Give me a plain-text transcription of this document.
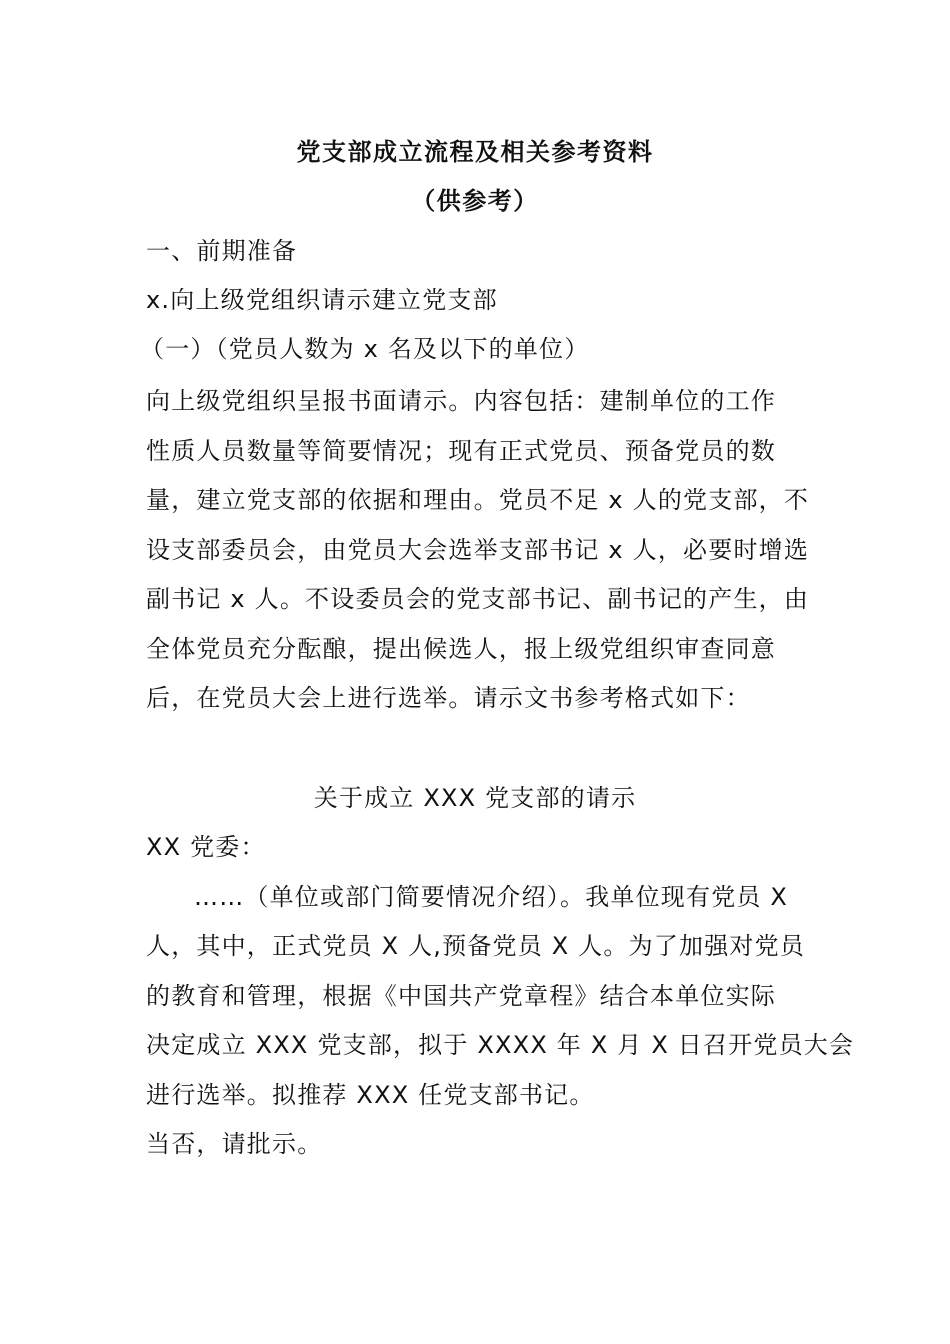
党支部成立流程及相关参考资料
（供参考）
一、前期准备
x.向上级党组织请示建立党支部
（一）（党员人数为 x 名及以下的单位）
向上级党组织呈报书面请示。内容包括：建制单位的工作
性质人员数量等简要情况；现有正式党员、预备党员的数
量，建立党支部的依据和理由。党员不足 x 人的党支部，不
设支部委员会，由党员大会选举支部书记 x 人，必要时增选
副书记 x 人。不设委员会的党支部书记、副书记的产生，由
全体党员充分酝酿，提出候选人，报上级党组织审查同意
后，在党员大会上进行选举。请示文书参考格式如下：
关于成立 XXX 党支部的请示
XX 党委：
……（单位或部门简要情况介绍）。我单位现有党员 X
人，其中，正式党员 X 人,预备党员 X 人。为了加强对党员
的教育和管理，根据《中国共产党章程》结合本单位实际
决定成立 XXX 党支部，拟于 XXXX 年 X 月 X 日召开党员大会
进行选举。拟推荐 XXX 任党支部书记。
当否，请批示。
